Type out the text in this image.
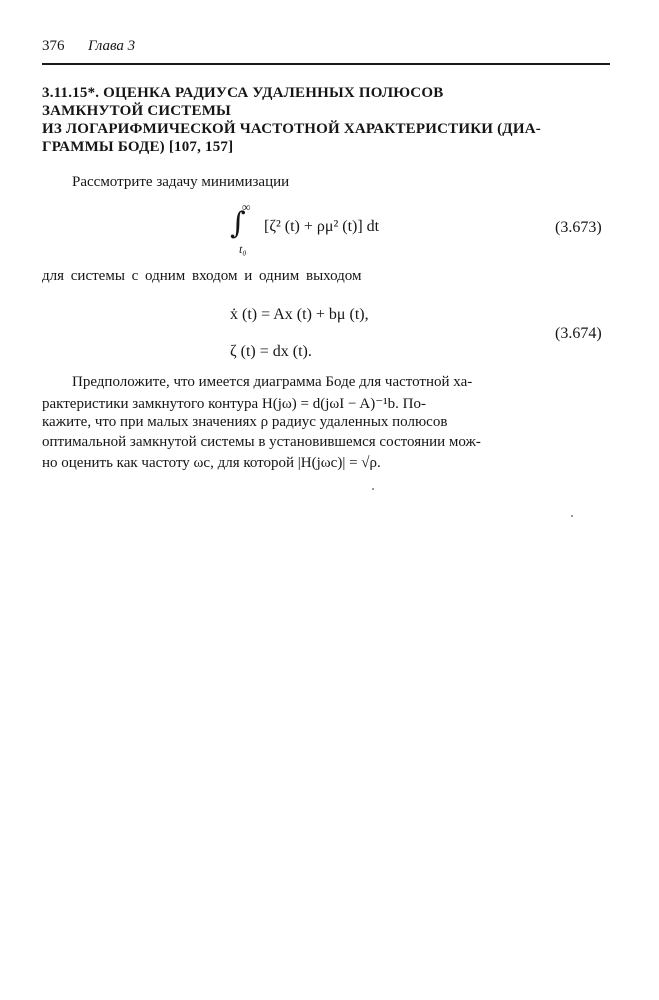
376 Глава 3
3.11.15*. ОЦЕНКА РАДИУСА УДАЛЕННЫХ ПОЛЮСОВ
ЗАМКНУТОЙ СИСТЕМЫ
ИЗ ЛОГАРИФМИЧЕСКОЙ ЧАСТОТНОЙ ХАРАКТЕРИСТИКИ (ДИА-
ГРАММЫ БОДЕ) [107, 157]
Рассмотрите задачу минимизации
∫
∞
t₀
[ζ² (t) + ρμ² (t)] dt	(3.673)
для системы с одним входом и одним выходом
ẋ (t) = Ax (t) + bμ (t),
ζ (t) = dx (t).
(3.674)
Предположите, что имеется диаграмма Боде для частотной ха-
рактеристики замкнутого контура H(jω) = d(jωI − A)⁻¹b. По-
кажите, что при малых значениях ρ радиус удаленных полюсов
оптимальной замкнутой системы в установившемся состоянии мож-
но оценить как частоту ωc, для которой |H(jωc)| = √ρ.
